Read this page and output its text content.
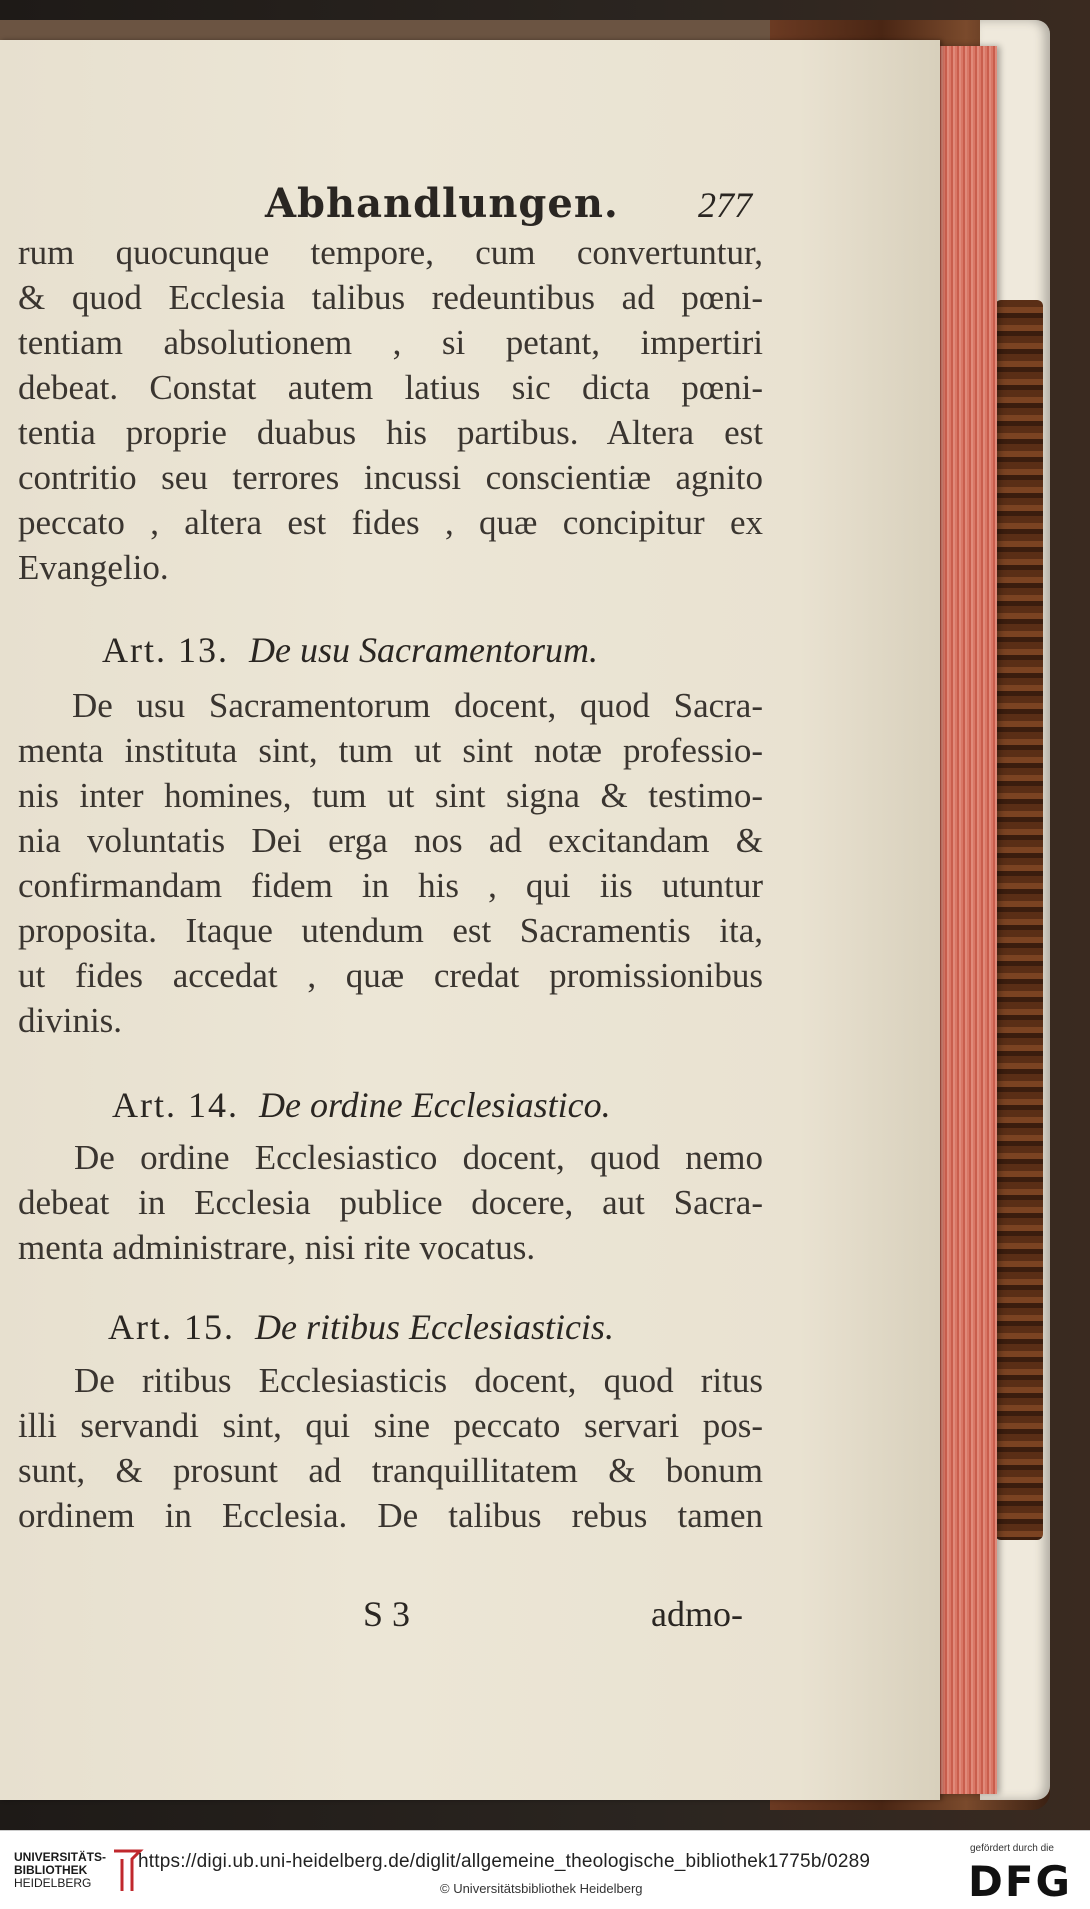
Abhandlungen. 277
rum quocunque tempore, cum convertuntur,
& quod Ecclesia talibus redeuntibus ad pœni-
tentiam absolutionem , si petant, impertiri
debeat. Constat autem latius sic dicta pœni-
tentia proprie duabus his partibus. Altera est
contritio seu terrores incussi conscientiæ agnito
peccato , altera est fides , quæ concipitur ex
Evangelio.
Art. 13. De usu Sacramentorum.
De usu Sacramentorum docent, quod Sacra-
menta instituta sint, tum ut sint notæ professio-
nis inter homines, tum ut sint signa & testimo-
nia voluntatis Dei erga nos ad excitandam &
confirmandam fidem in his , qui iis utuntur
proposita. Itaque utendum est Sacramentis ita,
ut fides accedat , quæ credat promissionibus
divinis.
Art. 14. De ordine Ecclesiastico.
De ordine Ecclesiastico docent, quod nemo
debeat in Ecclesia publice docere, aut Sacra-
menta administrare, nisi rite vocatus.
Art. 15. De ritibus Ecclesiasticis.
De ritibus Ecclesiasticis docent, quod ritus
illi servandi sint, qui sine peccato servari pos-
sunt, & prosunt ad tranquillitatem & bonum
ordinem in Ecclesia. De talibus rebus tamen
S 3	admo-
UNIVERSITÄTS-
BIBLIOTHEK
HEIDELBERG
https://digi.ub.uni-heidelberg.de/diglit/allgemeine_theologische_bibliothek1775b/0289
© Universitätsbibliothek Heidelberg
gefördert durch die
DFG
